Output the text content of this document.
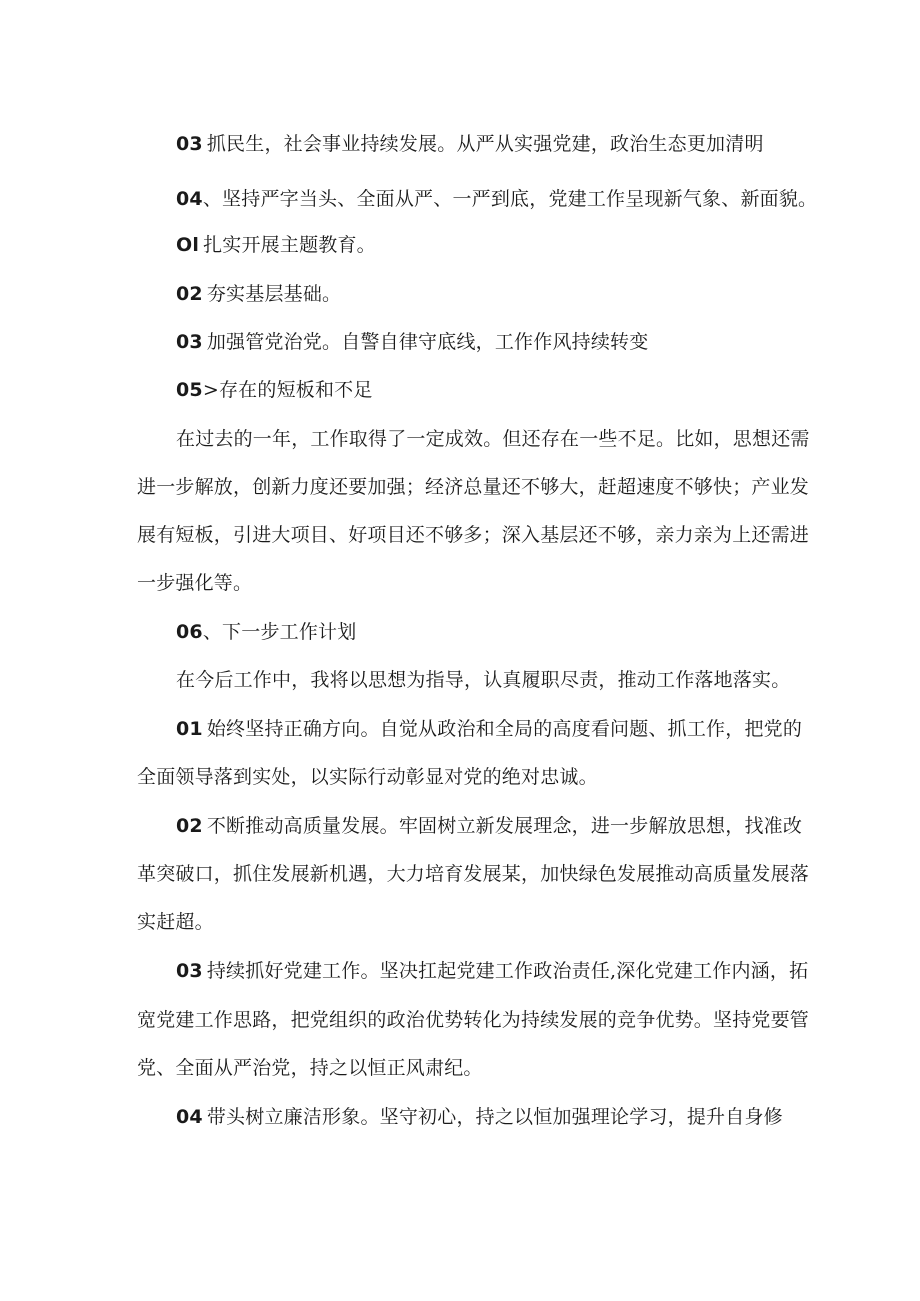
03 抓民生，社会事业持续发展。从严从实强党建，政治生态更加清明
04、坚持严字当头、全面从严、一严到底，党建工作呈现新气象、新面貌。
Ol 扎实开展主题教育。
02 夯实基层基础。
03 加强管党治党。自警自律守底线，工作作风持续转变
05>存在的短板和不足
在过去的一年，工作取得了一定成效。但还存在一些不足。比如，思想还需
进一步解放，创新力度还要加强；经济总量还不够大，赶超速度不够快；产业发
展有短板，引进大项目、好项目还不够多；深入基层还不够，亲力亲为上还需进
一步强化等。
06、下一步工作计划
在今后工作中，我将以思想为指导，认真履职尽责，推动工作落地落实。
01 始终坚持正确方向。自觉从政治和全局的高度看问题、抓工作，把党的
全面领导落到实处，以实际行动彰显对党的绝对忠诚。
02 不断推动高质量发展。牢固树立新发展理念，进一步解放思想，找准改
革突破口，抓住发展新机遇，大力培育发展某，加快绿色发展推动高质量发展落
实赶超。
03 持续抓好党建工作。坚决扛起党建工作政治责任,深化党建工作内涵，拓
宽党建工作思路，把党组织的政治优势转化为持续发展的竞争优势。坚持党要管
党、全面从严治党，持之以恒正风肃纪。
04 带头树立廉洁形象。坚守初心，持之以恒加强理论学习，提升自身修
